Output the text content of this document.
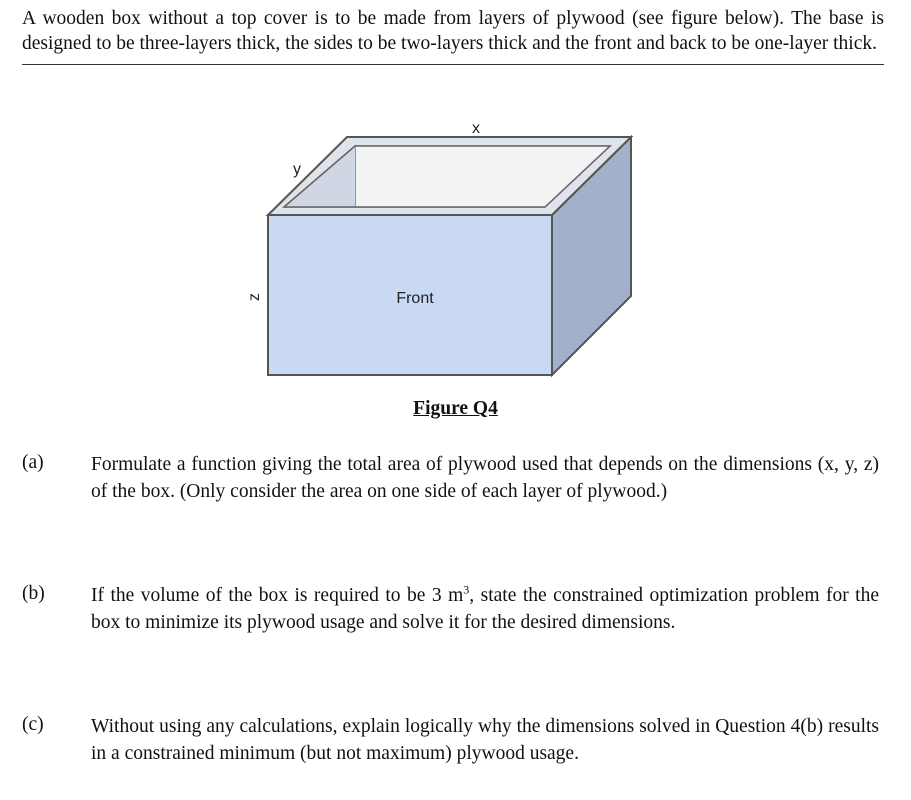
A wooden box without a top cover is to be made from layers of plywood (see figure below). The base is designed to be three-layers thick, the sides to be two-layers thick and the front and back to be one-layer thick.
x
y
z	Front
Figure Q4
(a) Formulate a function giving the total area of plywood used that depends on the dimensions (x, y, z) of the box. (Only consider the area on one side of each layer of plywood.)
(b) If the volume of the box is required to be 3 $m^3$, state the constrained optimization problem for the box to minimize its plywood usage and solve it for the desired dimensions.
(c) Without using any calculations, explain logically why the dimensions solved in Question 4(b) results in a constrained minimum (but not maximum) plywood usage.
